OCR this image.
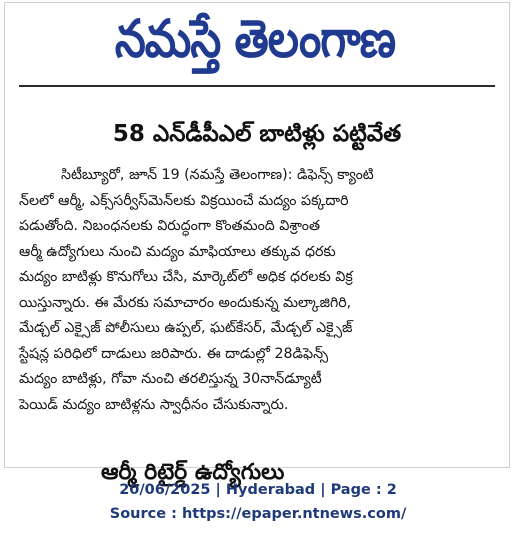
నమస్తే తెలంగాణ
58 ఎన్‌డీపీఎల్ బాటిళ్లు పట్టివేత
సిటీబ్యూరో, జూన్ 19 (నమస్తే తెలంగాణ): డిఫెన్స్ క్యాంటి
న్‌లలో ఆర్మీ, ఎక్స్‌సర్వీస్‌మెన్‌లకు విక్రయించే మద్యం పక్కదారి
పడుతోంది. నిబంధనలకు విరుద్ధంగా కొంతమంది విశ్రాంత
ఆర్మీ ఉద్యోగులు నుంచి మద్యం మాఫియాలు తక్కువ ధరకు
మద్యం బాటిళ్లు కొనుగోలు చేసి, మార్కెట్‌లో అధిక ధరలకు విక్ర
యిస్తున్నారు. ఈ మేరకు సమాచారం అందుకున్న మల్కాజిగిరి,
మేడ్చల్ ఎక్సైజ్ పోలీసులు ఉప్పల్, ఘట్‌కేసర్, మేడ్చల్ ఎక్సైజ్
స్టేషన్ల పరిధిలో దాడులు జరిపారు. ఈ దాడుల్లో 28డిఫెన్స్
మద్యం బాటిళ్లు, గోవా నుంచి తరలిస్తున్న 30నాన్‌డ్యూటీ
పెయిడ్ మద్యం బాటిళ్లను స్వాధీనం చేసుకున్నారు.
ఆర్మీ రిటైర్డ్ ఉద్యోగులు
20/06/2025 | Hyderabad | Page : 2
Source : https://epaper.ntnews.com/
